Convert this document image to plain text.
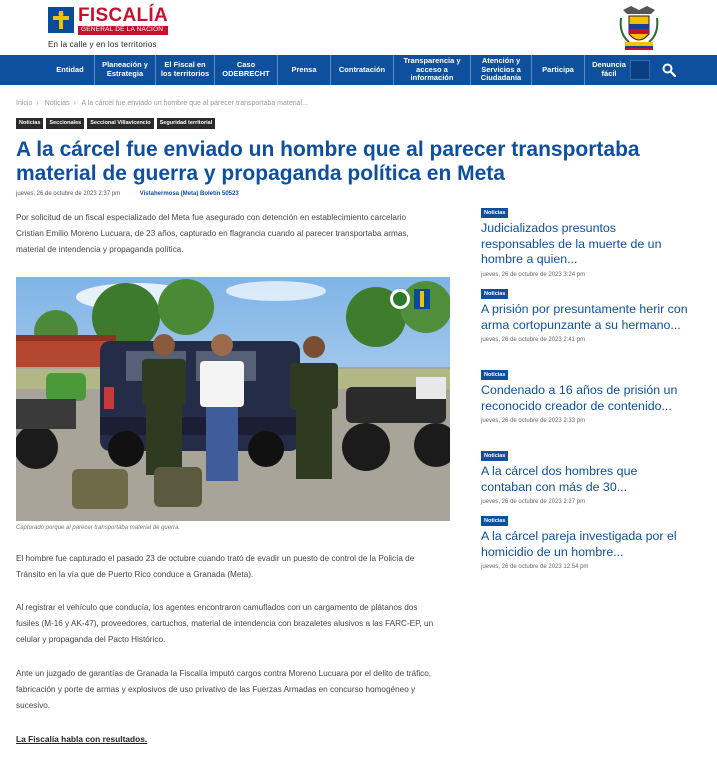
FISCALÍA
GENERAL DE LA NACIÓN
En la calle y en los territorios
Entidad	Planeación y Estrategia
El Fiscal en los territorios
Caso ODEBRECHT	Prensa	Contratación
Transparencia y acceso a información
Atención y Servicios a Ciudadanía
Participa	Denuncia fácil
Inicio › Noticias › A la cárcel fue enviado un hombre que al parecer transportaba material...
Noticias	Seccionales	Seccional Villavicencio	Seguridad territorial
A la cárcel fue enviado un hombre que al parecer transportaba material de guerra y propaganda política en Meta
jueves, 26 de octubre de 2023 2:37 pm	Vistahermosa (Meta) Boletín 50523

Por solicitud de un fiscal especializado del Meta fue asegurado con detención en establecimiento carcelario Cristian Emilio Moreno Lucuara, de 23 años, capturado en flagrancia cuando al parecer transportaba armas, material de intendencia y propaganda política.

Capturado porque al parecer transportaba material de guerra.

El hombre fue capturado el pasado 23 de octubre cuando trató de evadir un puesto de control de la Policía de Tránsito en la vía que de Puerto Rico conduce a Granada (Meta).

Al registrar el vehículo que conducía, los agentes encontraron camuflados con un cargamento de plátanos dos fusiles (M-16 y AK-47), proveedores, cartuchos, material de intendencia con brazaletes alusivos a las FARC-EP, un celular y propaganda del Pacto Histórico.

Ante un juzgado de garantías de Granada la Fiscalía imputó cargos contra Moreno Lucuara por el delito de tráfico, fabricación y porte de armas y explosivos de uso privativo de las Fuerzas Armadas en concurso homogéneo y sucesivo.

La Fiscalía habla con resultados.
Noticias
Judicializados presuntos responsables de la muerte de un hombre a quien...
jueves, 26 de octubre de 2023 3:24 pm
Noticias
A prisión por presuntamente herir con arma cortopunzante a su hermano...
jueves, 26 de octubre de 2023 2:41 pm
Noticias
Condenado a 16 años de prisión un reconocido creador de contenido...
jueves, 26 de octubre de 2023 2:33 pm
Noticias
A la cárcel dos hombres que contaban con más de 30...
jueves, 26 de octubre de 2023 2:27 pm
Noticias
A la cárcel pareja investigada por el homicidio de un hombre...
jueves, 26 de octubre de 2023 12:54 pm
